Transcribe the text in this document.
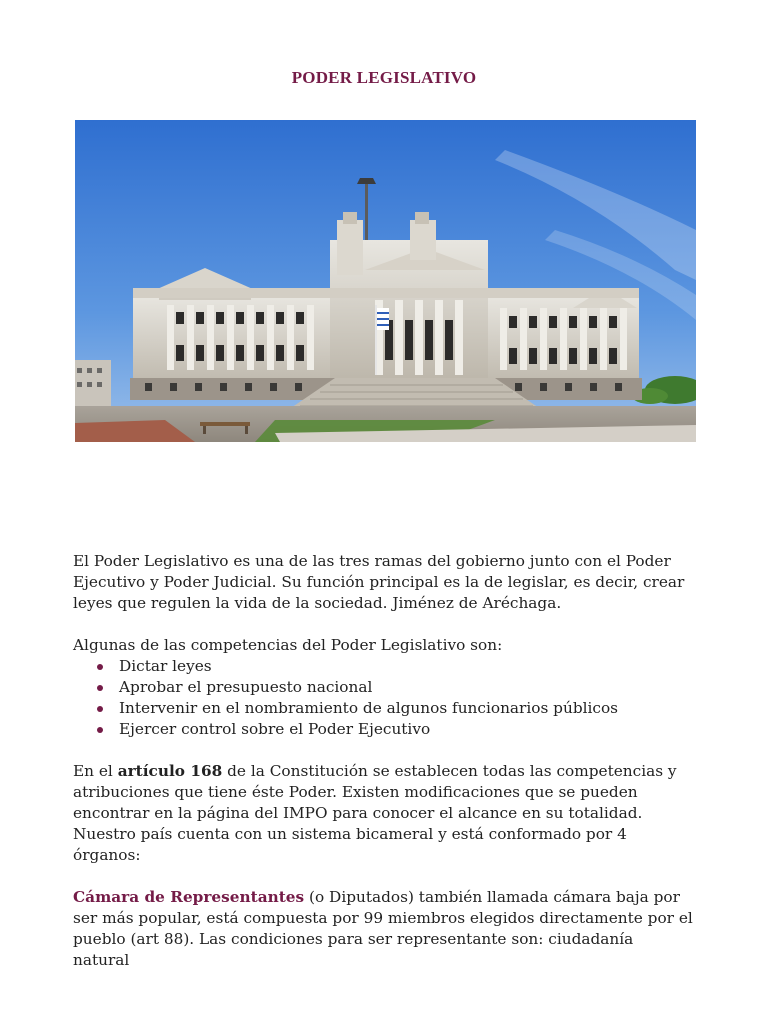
PODER LEGISLATIVO

El Poder Legislativo es una de las tres ramas del gobierno junto con el Poder Ejecutivo y Poder Judicial. Su función principal es la de legislar, es decir, crear leyes que regulen la vida de la sociedad. Jiménez de Aréchaga.

Algunas de las competencias del Poder Legislativo son:

Dictar leyes
Aprobar el presupuesto nacional
Intervenir en el nombramiento de algunos funcionarios públicos
Ejercer control sobre el Poder Ejecutivo

En el artículo 168 de la Constitución se establecen todas las competencias y atribuciones que tiene éste Poder. Existen modificaciones que se pueden encontrar en la página del IMPO para conocer el alcance en su totalidad. Nuestro país cuenta con un sistema bicameral y está conformado por 4 órganos:

Cámara de Representantes (o Diputados) también llamada cámara baja por ser más popular, está compuesta por 99 miembros elegidos directamente por el pueblo (art 88). Las condiciones para ser representante son: ciudadanía natural
